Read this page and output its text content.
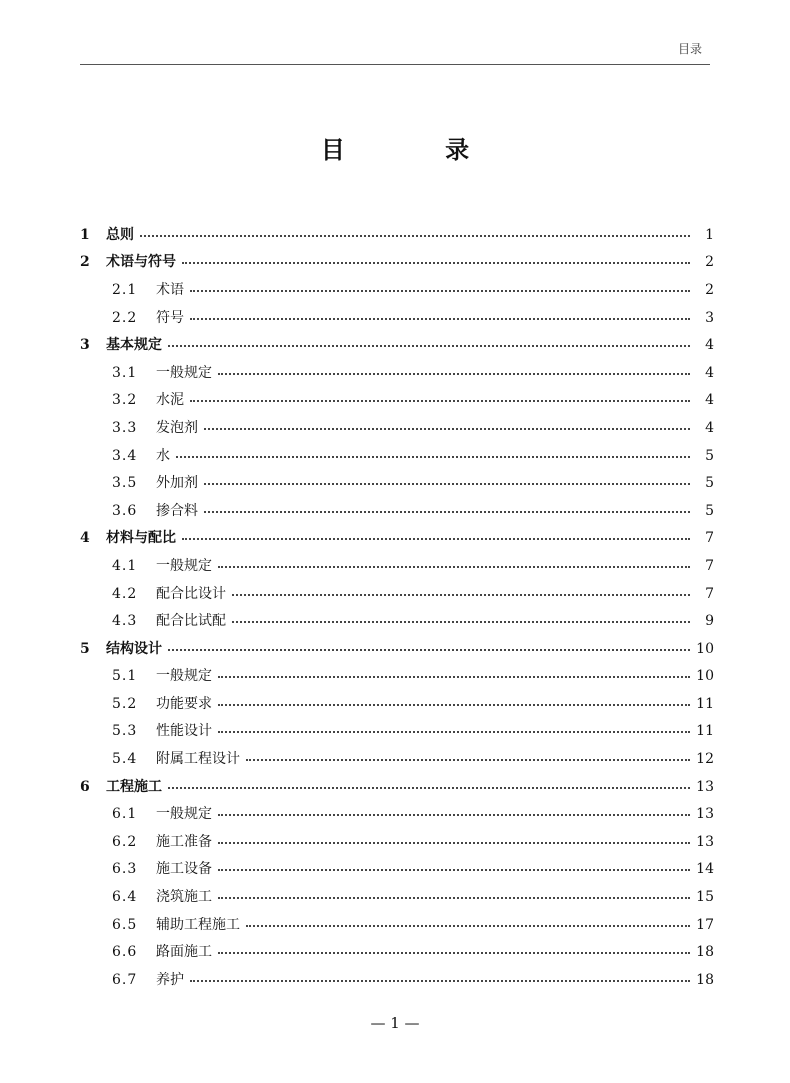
目录
目 录
1	总则	1
2	术语与符号	2
2.1	术语	2
2.2	符号	3
3	基本规定	4
3.1	一般规定	4
3.2	水泥	4
3.3	发泡剂	4
3.4	水	5
3.5	外加剂	5
3.6	掺合料	5
4	材料与配比	7
4.1	一般规定	7
4.2	配合比设计	7
4.3	配合比试配	9
5	结构设计	10
5.1	一般规定	10
5.2	功能要求	11
5.3	性能设计	11
5.4	附属工程设计	12
6	工程施工	13
6.1	一般规定	13
6.2	施工准备	13
6.3	施工设备	14
6.4	浇筑施工	15
6.5	辅助工程施工	17
6.6	路面施工	18
6.7	养护	18
— 1 —
